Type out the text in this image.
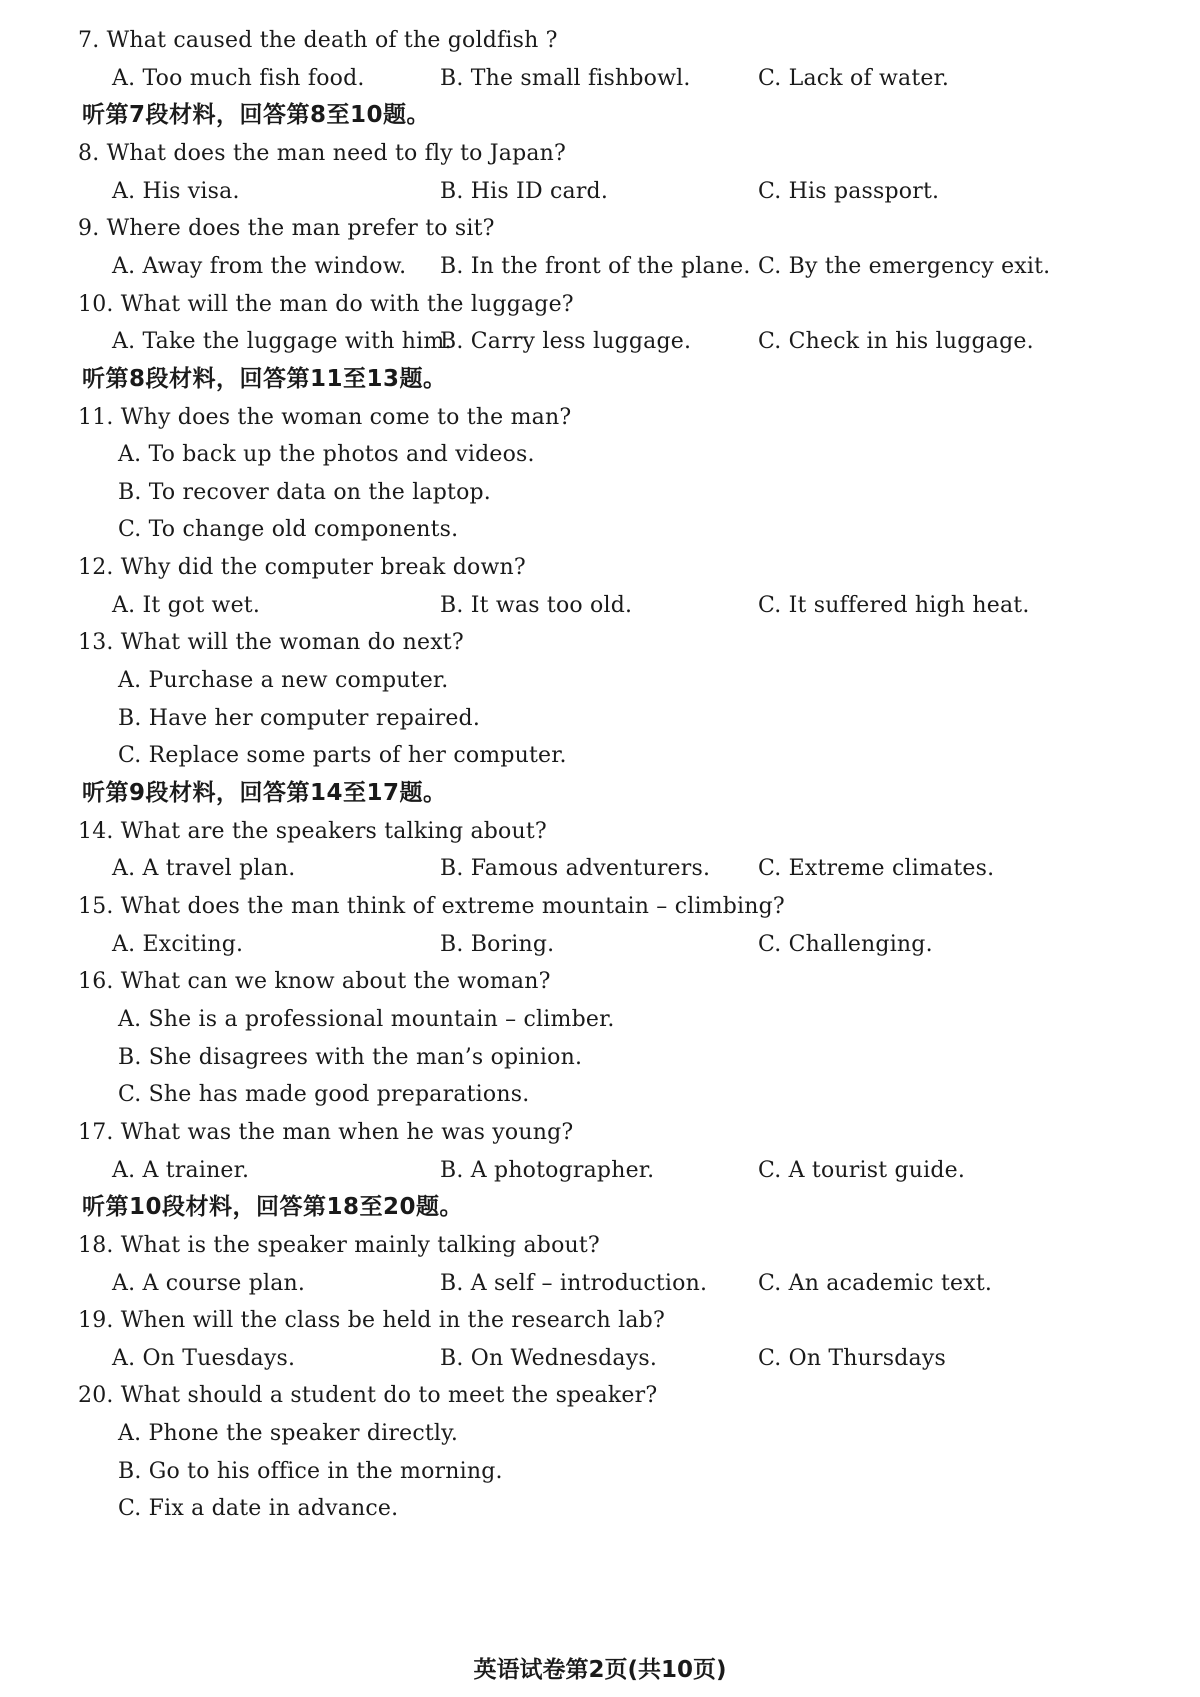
英语试卷第2页(共10页)
7. What caused the death of the goldfish ?
A. Too much fish food.	B. The small fishbowl.	C. Lack of water.
听第7段材料，回答第8至10题。
8. What does the man need to fly to Japan?
A. His visa.	B. His ID card.	C. His passport.
9. Where does the man prefer to sit?
A. Away from the window. B. In the front of the plane. C. By the emergency exit.
10. What will the man do with the luggage?
A. Take the luggage with him.
B. Carry less luggage.	C. Check in his luggage.
听第8段材料，回答第11至13题。
11. Why does the woman come to the man?
A. To back up the photos and videos.
B. To recover data on the laptop.
C. To change old components.
12. Why did the computer break down?
A. It got wet.	B. It was too old.	C. It suffered high heat.
13. What will the woman do next?
A. Purchase a new computer.
B. Have her computer repaired.
C. Replace some parts of her computer.
听第9段材料，回答第14至17题。
14. What are the speakers talking about?
A. A travel plan.	B. Famous adventurers. C. Extreme climates.
15. What does the man think of extreme mountain – climbing?
A. Exciting.	B. Boring.	C. Challenging.
16. What can we know about the woman?
A. She is a professional mountain – climber.
B. She disagrees with the man’s opinion.
C. She has made good preparations.
17. What was the man when he was young?
A. A trainer.	B. A photographer.	C. A tourist guide.
听第10段材料，回答第18至20题。
18. What is the speaker mainly talking about?
A. A course plan.	B. A self – introduction. C. An academic text.
19. When will the class be held in the research lab?
A. On Tuesdays.	B. On Wednesdays.	C. On Thursdays
20. What should a student do to meet the speaker?
A. Phone the speaker directly.
B. Go to his office in the morning.
C. Fix a date in advance.
